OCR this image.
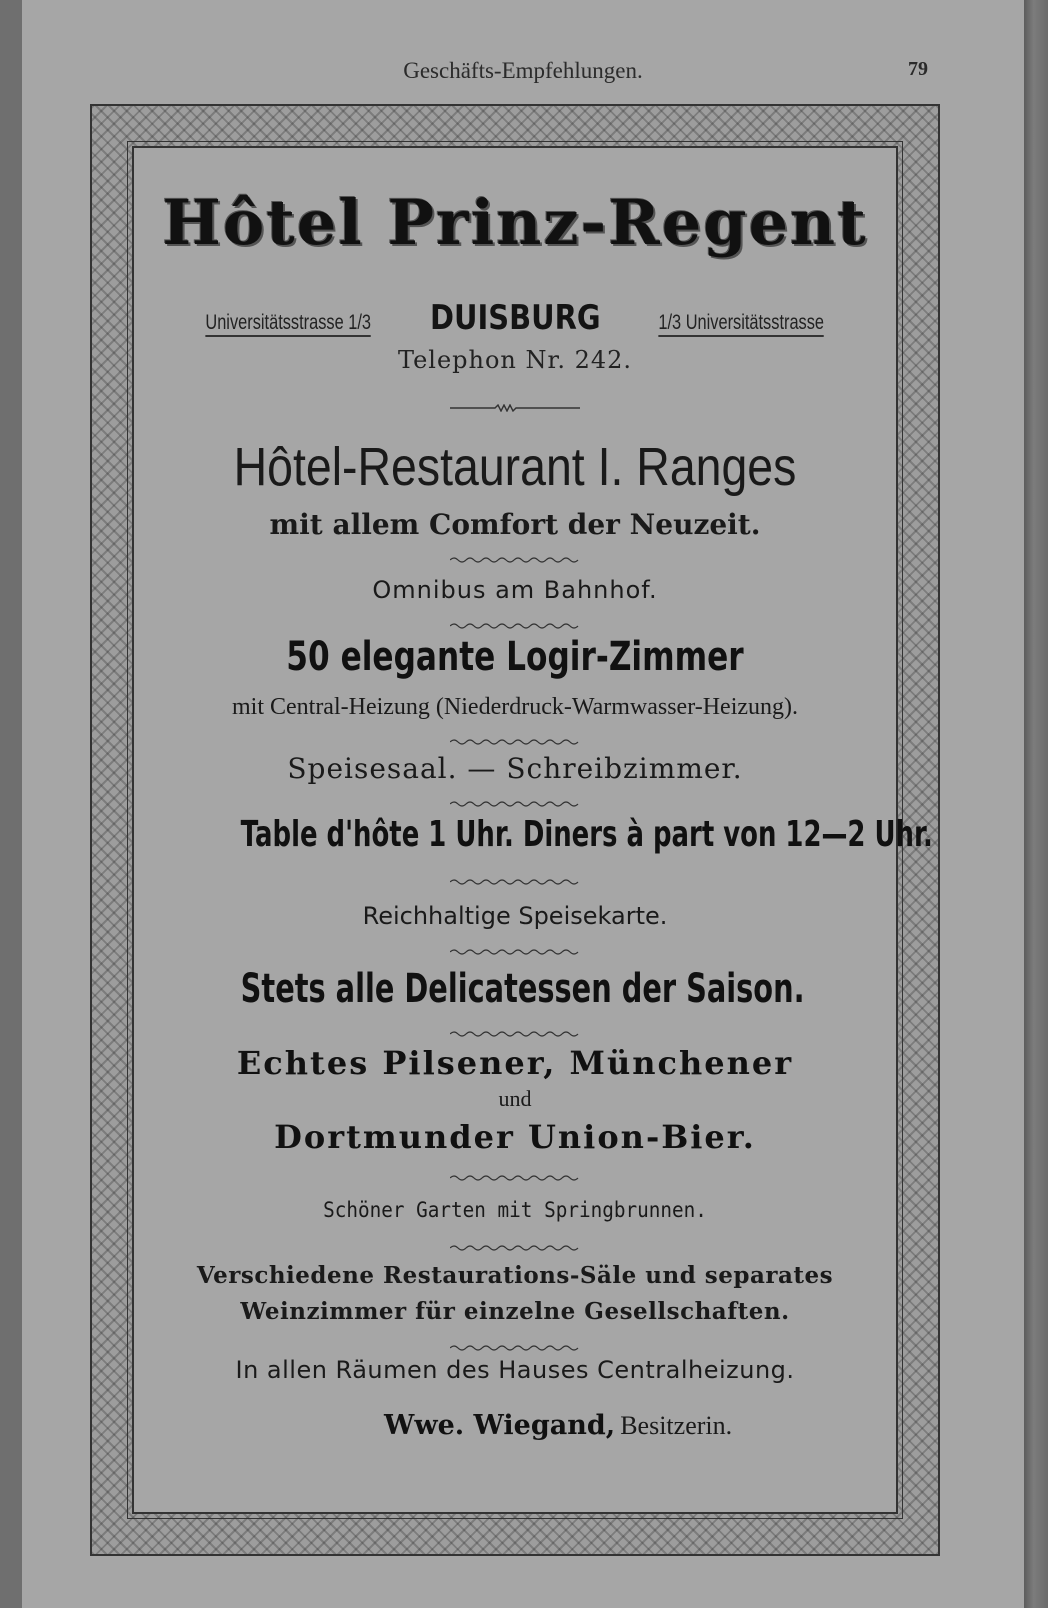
Geschäfts-Empfehlungen.	79
Hôtel Prinz-Regent
Universitätsstrasse 1/3 DUISBURG	1/3 Universitätsstrasse
Telephon Nr. 242.
Hôtel-Restaurant I. Ranges
mit allem Comfort der Neuzeit.
Omnibus am Bahnhof.
50 elegante Logir-Zimmer
mit Central-Heizung (Niederdruck-Warmwasser-Heizung).
Speisesaal. — Schreibzimmer.
Table d'hôte 1 Uhr. Diners à part von 12—2 Uhr.
Reichhaltige Speisekarte.
Stets alle Delicatessen der Saison.
Echtes Pilsener, Münchener
und
Dortmunder Union-Bier.
Schöner Garten mit Springbrunnen.
Verschiedene Restaurations-Säle und separates
Weinzimmer für einzelne Gesellschaften.
In allen Räumen des Hauses Centralheizung.
Wwe. Wiegand, Besitzerin.
